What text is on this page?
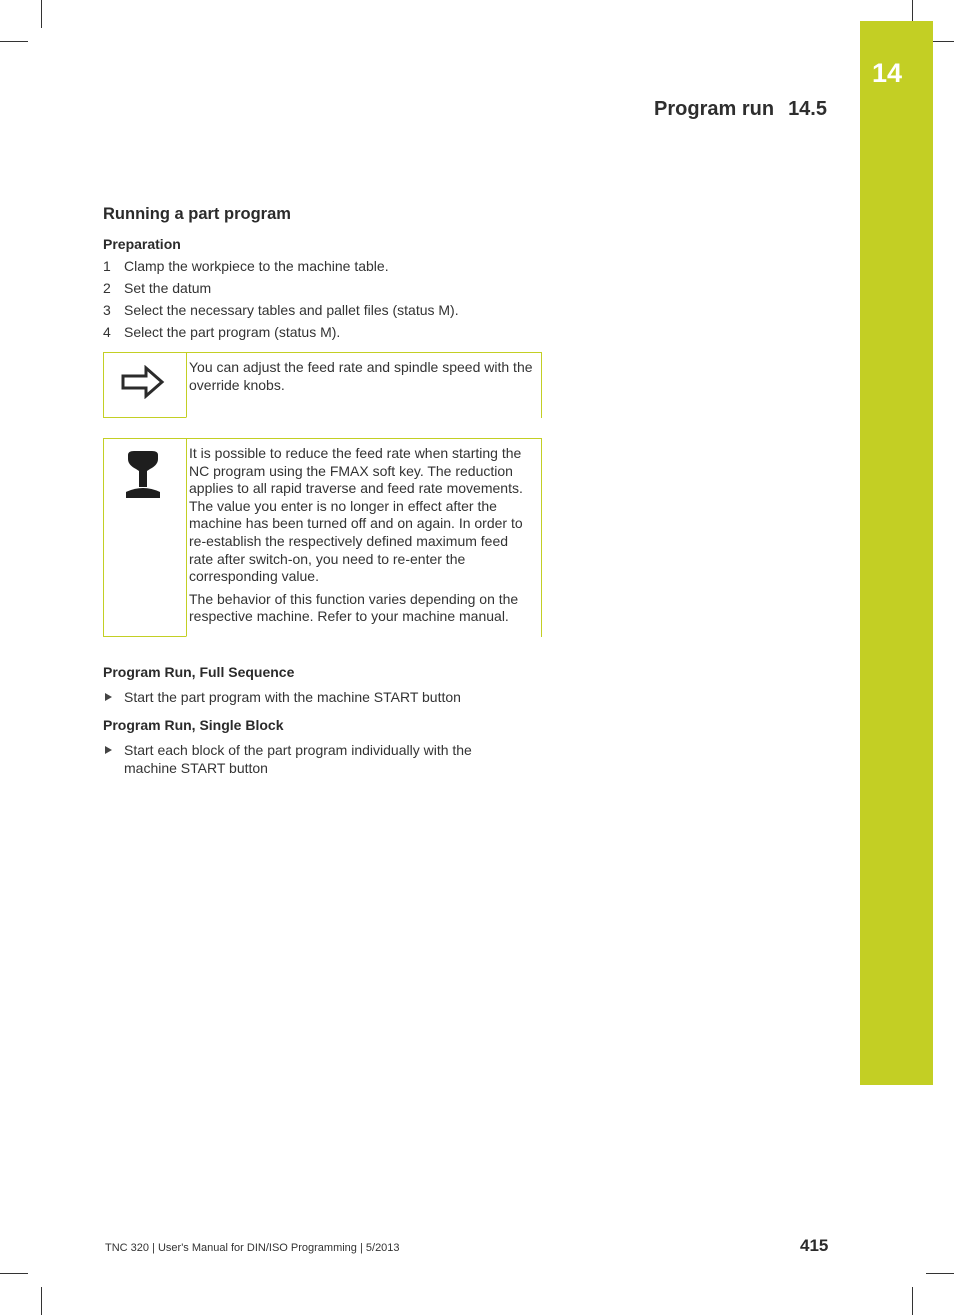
14
Program run 14.5
Running a part program
Preparation
1 Clamp the workpiece to the machine table.
2 Set the datum
3 Select the necessary tables and pallet files (status M).
4 Select the part program (status M).

You can adjust the feed rate and spindle speed with the override knobs.

It is possible to reduce the feed rate when starting the NC program using the FMAX soft key. The reduction applies to all rapid traverse and feed rate movements. The value you enter is no longer in effect after the machine has been turned off and on again. In order to re-establish the respectively defined maximum feed rate after switch-on, you need to re-enter the corresponding value.

The behavior of this function varies depending on the respective machine. Refer to your machine manual.

Program Run, Full Sequence
Start the part program with the machine START button
Program Run, Single Block
Start each block of the part program individually with the machine START button
TNC 320 | User's Manual for DIN/ISO Programming | 5/2013	415
